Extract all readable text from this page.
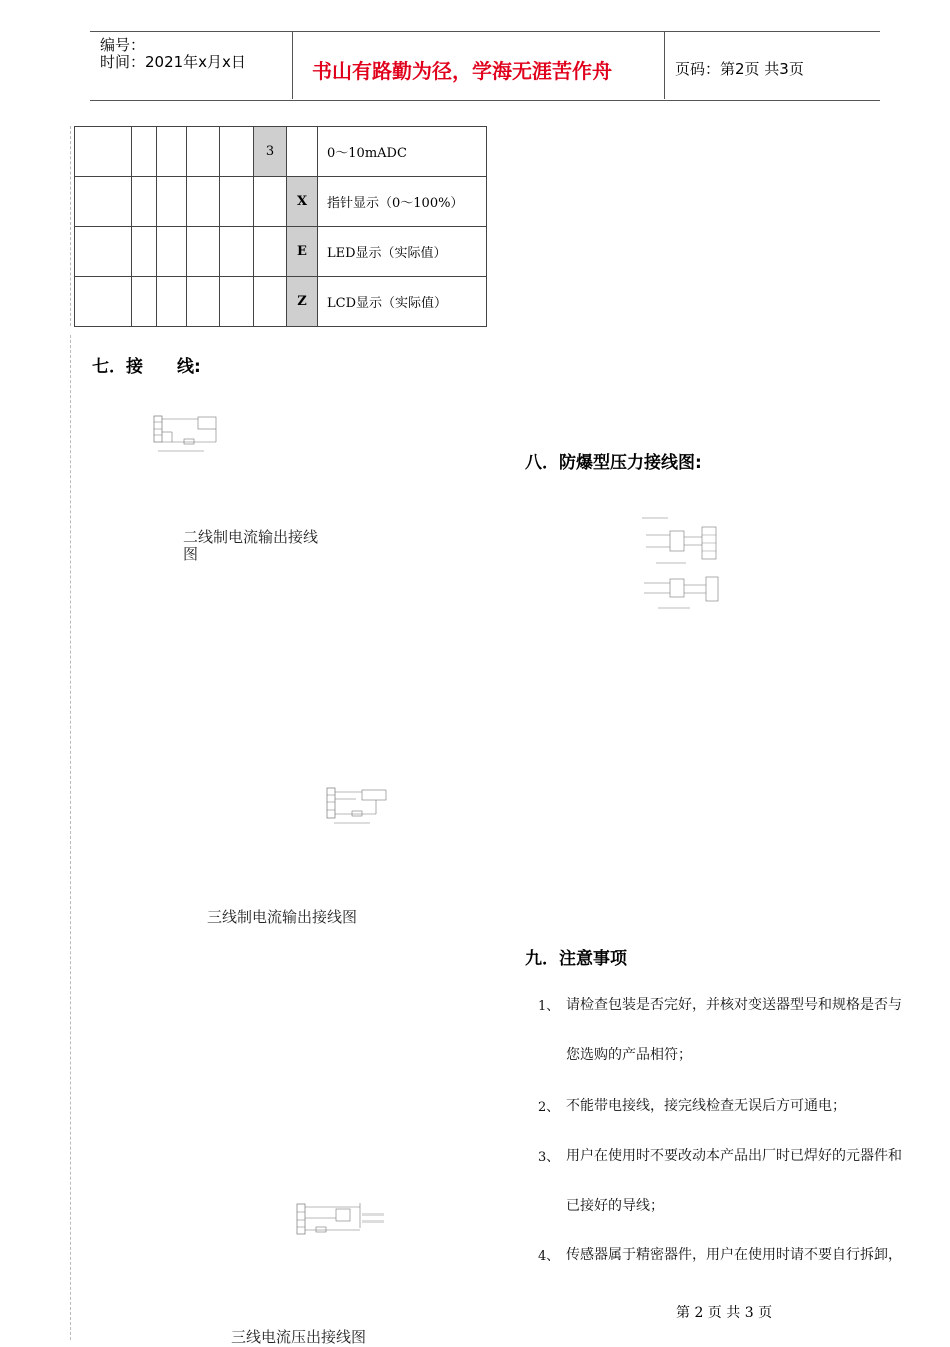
编号：
时间：2021年x月x日	书山有路勤为径，学海无涯苦作舟	页码：第2页 共3页
					3		0～10mADC
						X	指针显示（0～100%）
						E	LED显示（实际值）
						Z	LCD显示（实际值）
七．接　　线:
二线制电流输出接线
图
三线制电流输出接线图
三线电流压出接线图
八．防爆型压力接线图:
九．注意事项
1、 请检查包装是否完好，并核对变送器型号和规格是否与
您选购的产品相符；
2、 不能带电接线，接完线检查无误后方可通电；
3、 用户在使用时不要改动本产品出厂时已焊好的元器件和
已接好的导线；
4、 传感器属于精密器件，用户在使用时请不要自行拆卸，
第 2 页 共 3 页
